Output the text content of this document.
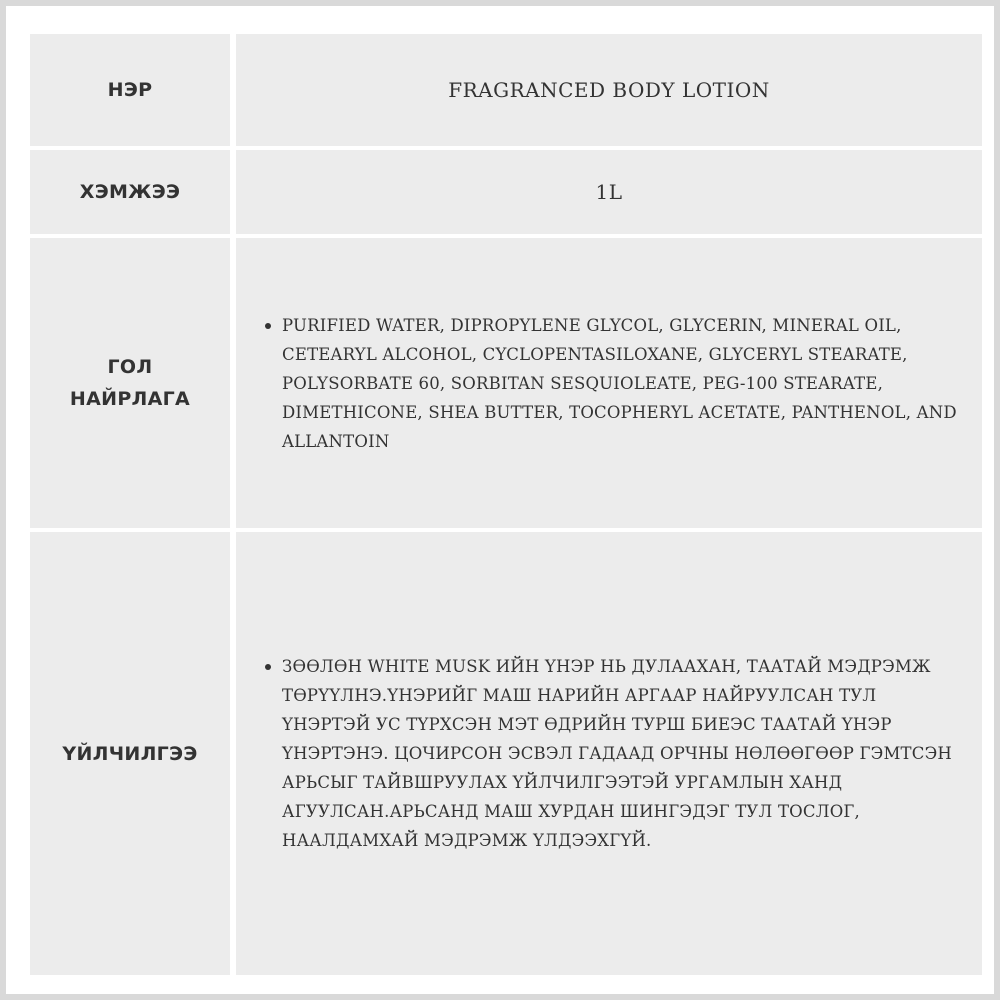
НЭР	FRAGRANCED BODY LOTION
ХЭМЖЭЭ	1L
ГОЛ
НАЙРЛАГА
PURIFIED WATER, DIPROPYLENE GLYCOL, GLYCERIN, MINERAL OIL, CETEARYL ALCOHOL, CYCLOPENTASILOXANE, GLYCERYL STEARATE, POLYSORBATE 60, SORBITAN SESQUIOLEATE, PEG-100 STEARATE, DIMETHICONE, SHEA BUTTER, TOCOPHERYL ACETATE, PANTHENOL, AND ALLANTOIN
ҮЙЛЧИЛГЭЭ
ЗӨӨЛӨН WHITE MUSK ИЙН ҮНЭР НЬ ДУЛААХАН, ТААТАЙ МЭДРЭМЖ ТӨРҮҮЛНЭ.ҮНЭРИЙГ МАШ НАРИЙН АРГААР НАЙРУУЛСАН ТУЛ ҮНЭРТЭЙ УС ТҮРХСЭН МЭТ ӨДРИЙН ТУРШ БИЕЭС ТААТАЙ ҮНЭР ҮНЭРТЭНЭ. ЦОЧИРСОН ЭСВЭЛ ГАДААД ОРЧНЫ НӨЛӨӨГӨӨР ГЭМТСЭН АРЬСЫГ ТАЙВШРУУЛАХ ҮЙЛЧИЛГЭЭТЭЙ УРГАМЛЫН ХАНД АГУУЛСАН.АРЬСАНД МАШ ХУРДАН ШИНГЭДЭГ ТУЛ ТОСЛОГ, НААЛДАМХАЙ МЭДРЭМЖ ҮЛДЭЭХГҮЙ.
